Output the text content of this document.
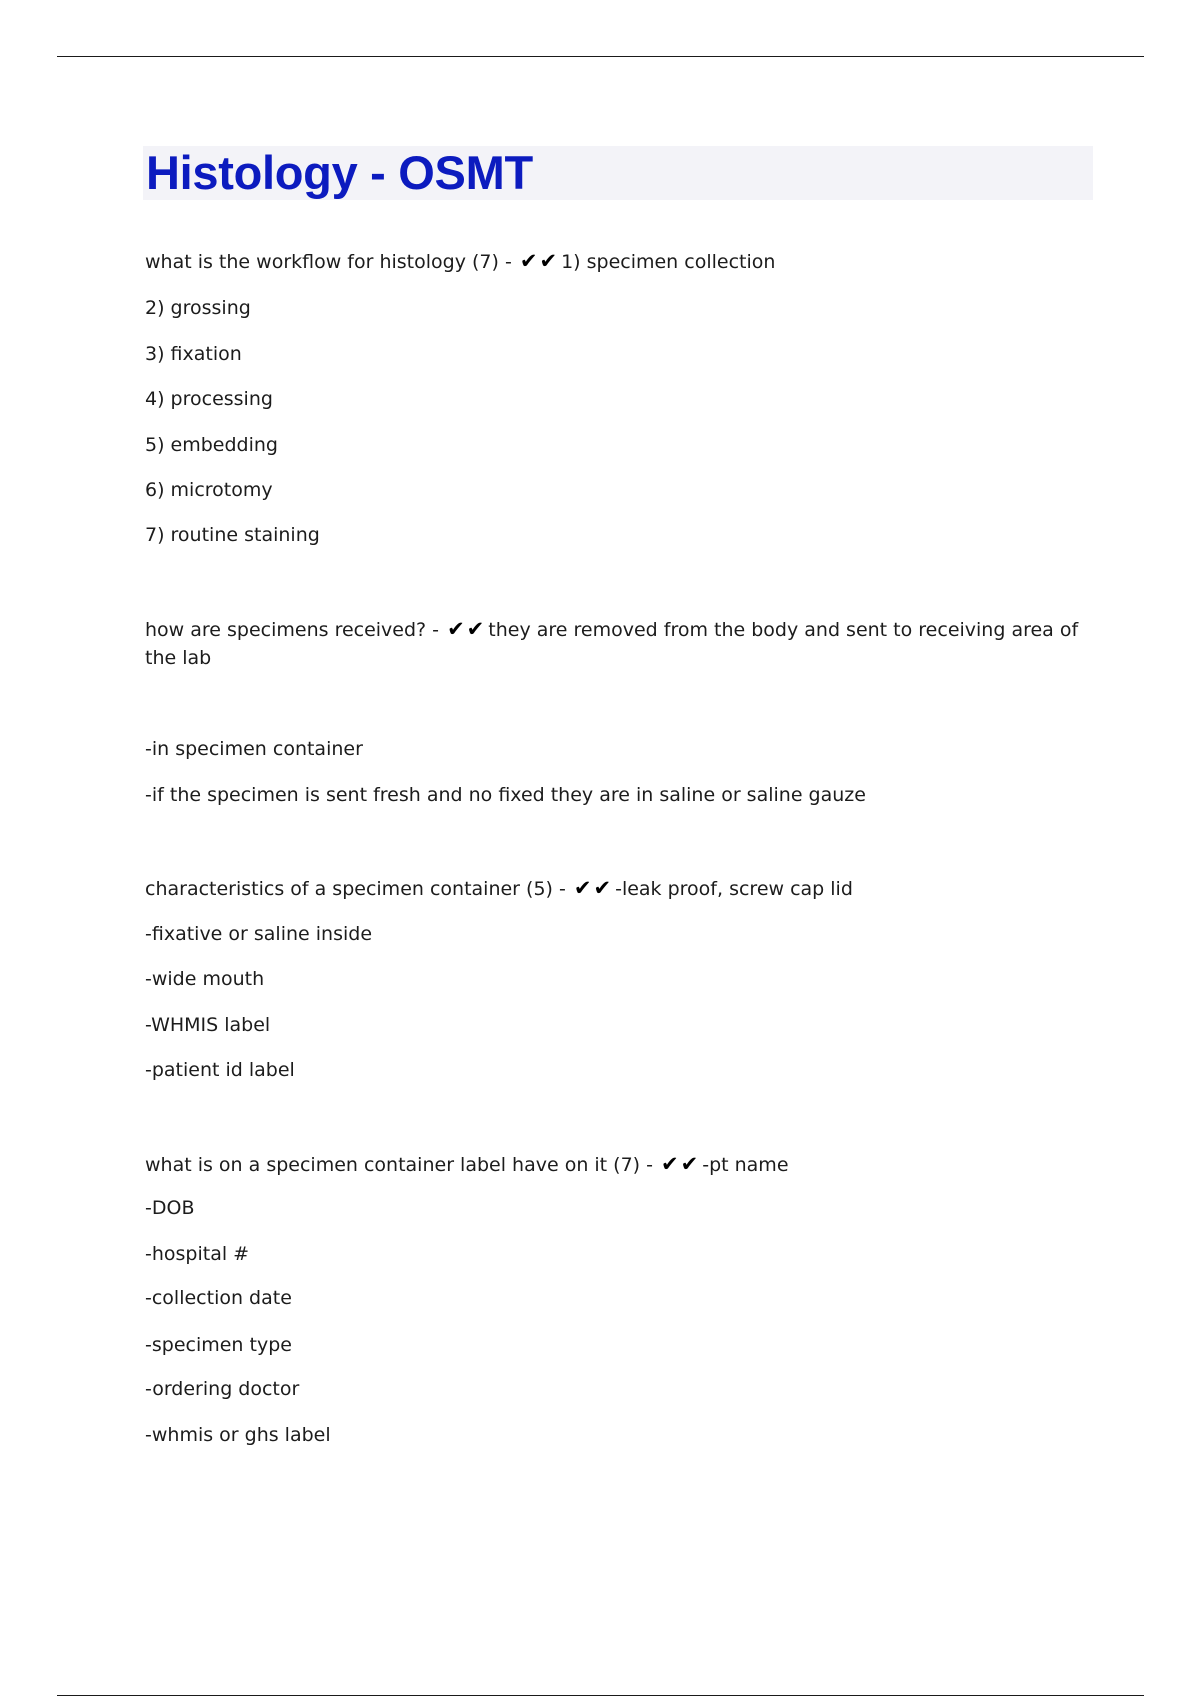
Histology - OSMT
what is the workflow for histology (7) - ✔✔ 1) specimen collection
2) grossing
3) fixation
4) processing
5) embedding
6) microtomy
7) routine staining
how are specimens received? - ✔✔ they are removed from the body and sent to receiving area of the lab
-in specimen container
-if the specimen is sent fresh and no fixed they are in saline or saline gauze
characteristics of a specimen container (5) - ✔✔ -leak proof, screw cap lid
-fixative or saline inside
-wide mouth
-WHMIS label
-patient id label
what is on a specimen container label have on it (7) - ✔✔ -pt name
-DOB
-hospital #
-collection date
-specimen type
-ordering doctor
-whmis or ghs label
